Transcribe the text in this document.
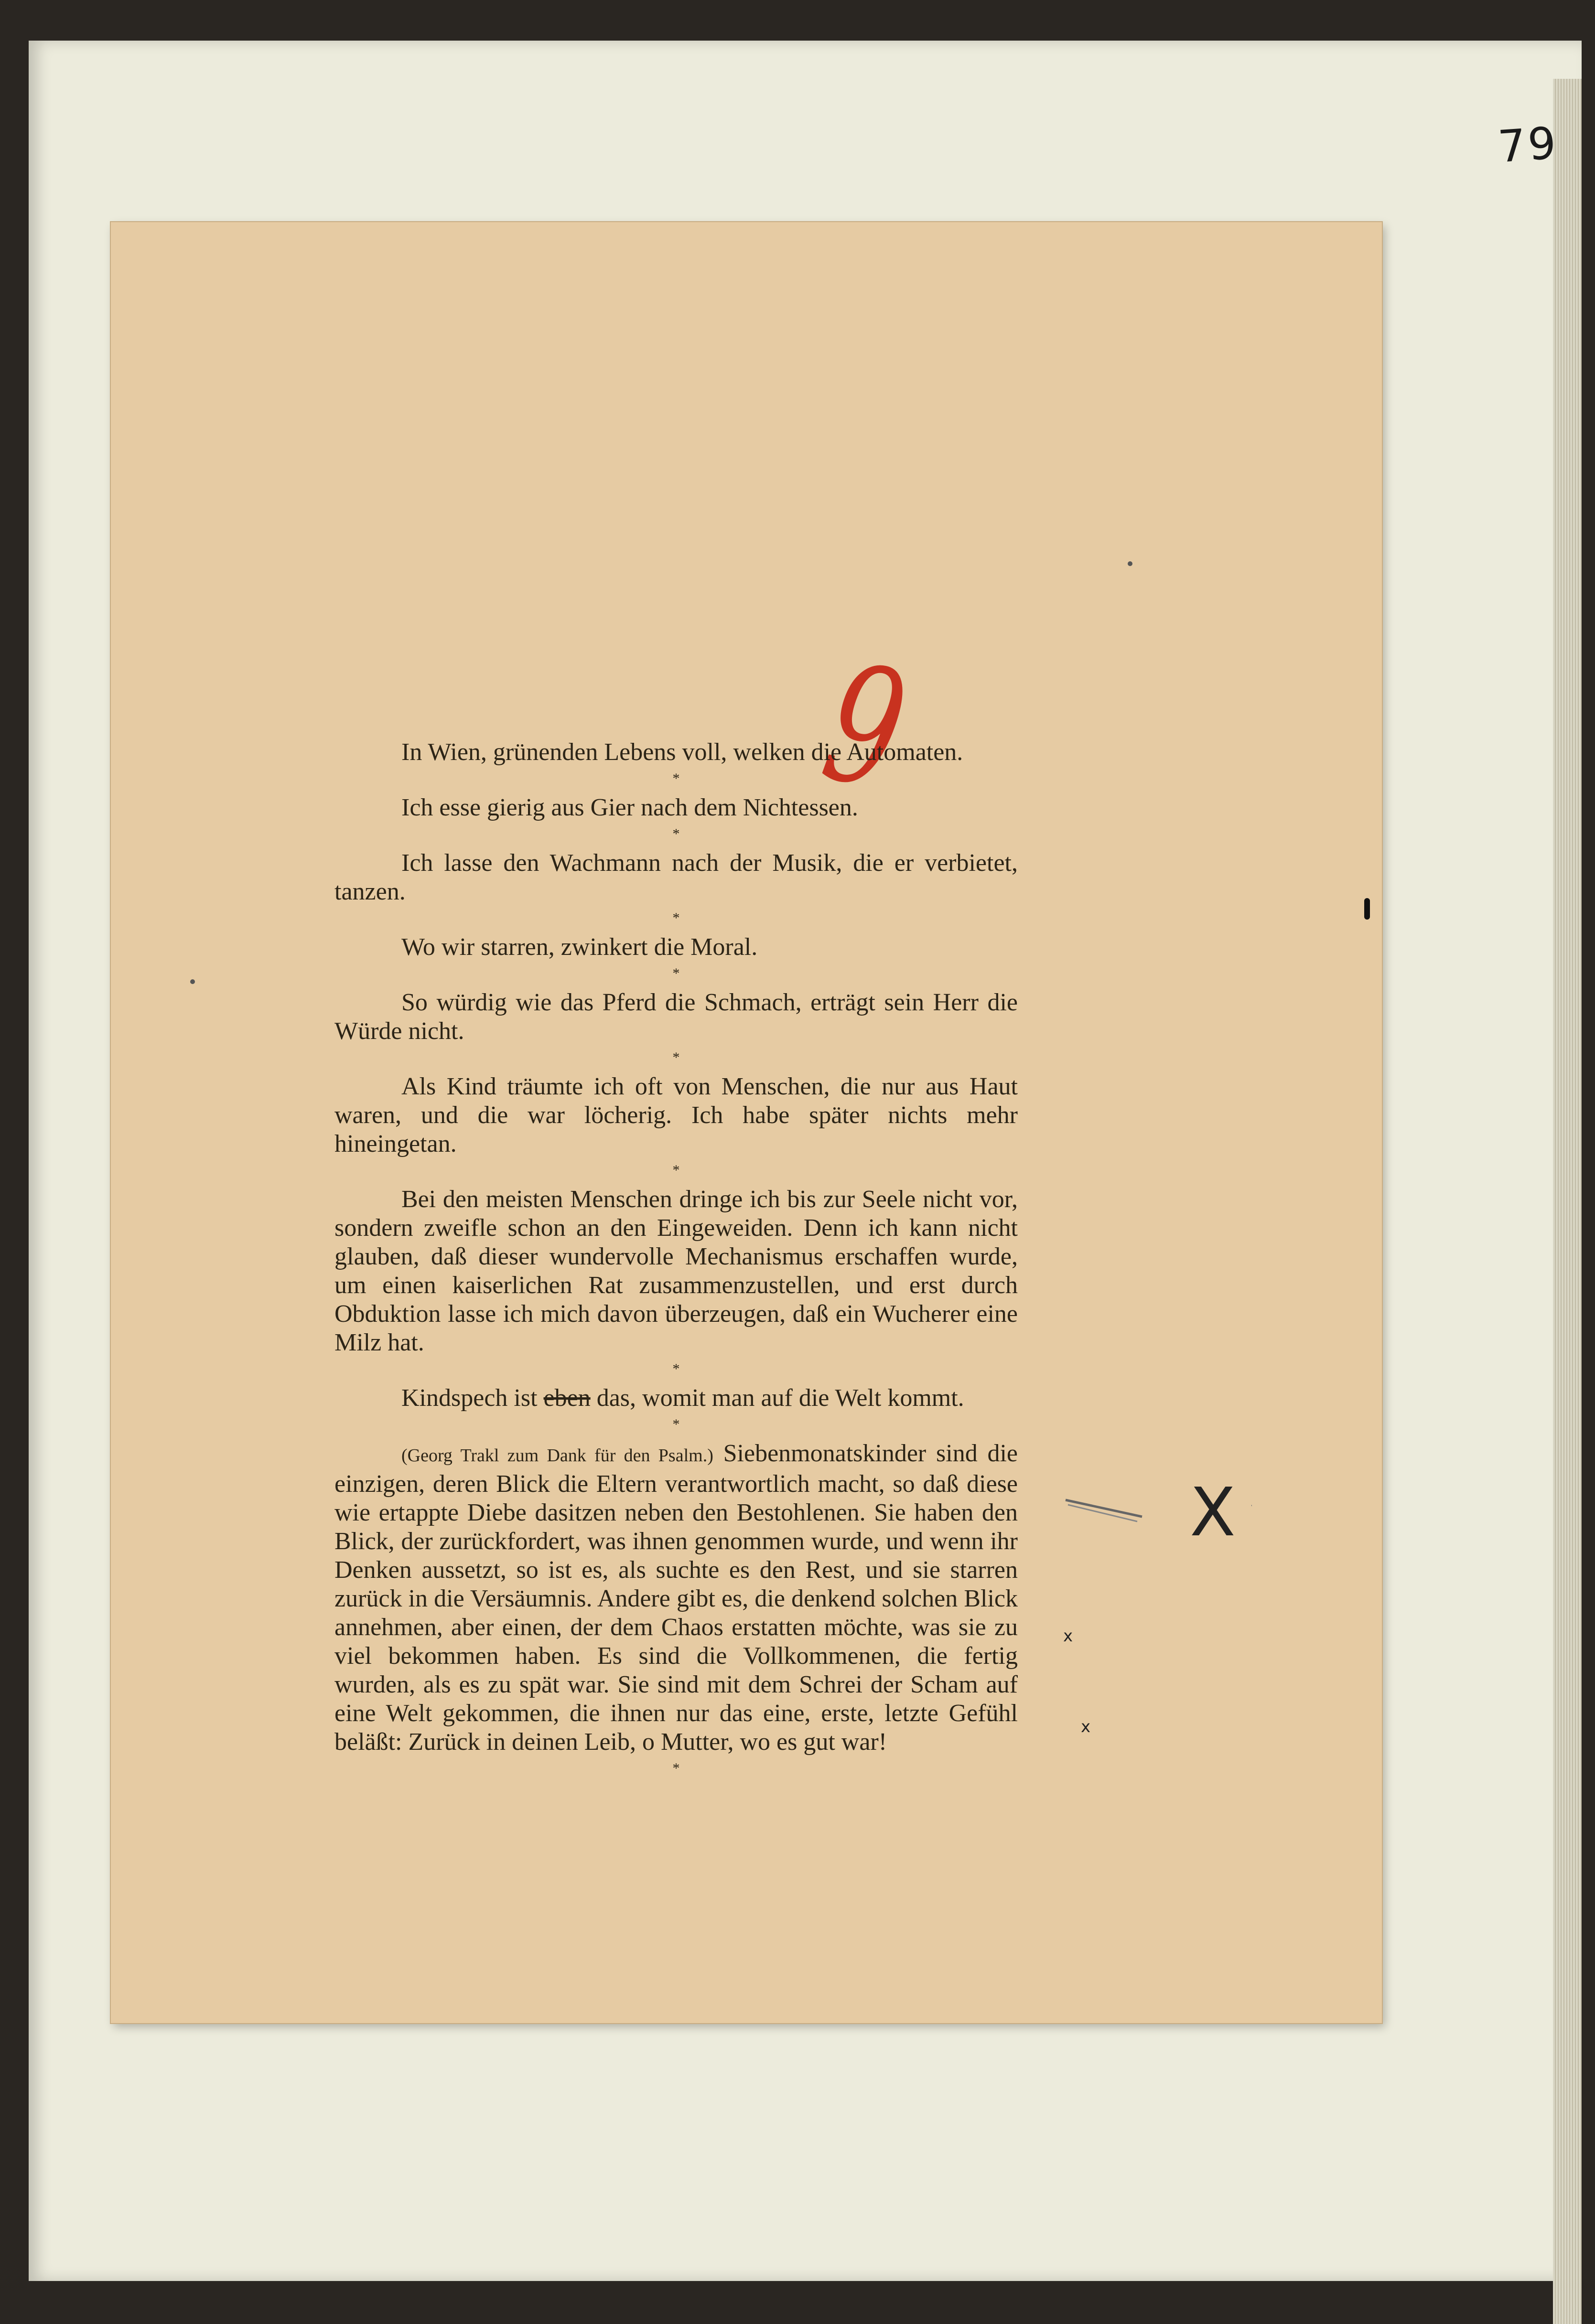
79
9

In Wien, grünenden Lebens voll, welken die Automaten.

*

Ich esse gierig aus Gier nach dem Nichtessen.

*

Ich lasse den Wachmann nach der Musik, die er verbietet, tanzen.

*

Wo wir starren, zwinkert die Moral.

*

So würdig wie das Pferd die Schmach, erträgt sein Herr die Würde nicht.

*

Als Kind träumte ich oft von Menschen, die nur aus Haut waren, und die war löcherig. Ich habe später nichts mehr hineingetan.

*

Bei den meisten Menschen dringe ich bis zur Seele nicht vor, sondern zweifle schon an den Eingeweiden. Denn ich kann nicht glauben, daß dieser wundervolle Mechanismus erschaffen wurde, um einen kaiserlichen Rat zusammenzustellen, und erst durch Obduktion lasse ich mich davon überzeugen, daß ein Wucherer eine Milz hat.

*

Kindspech ist eben das, womit man auf die Welt kommt.

*

(Georg Trakl zum Dank für den Psalm.) Siebenmonatskinder sind die einzigen, deren Blick die Eltern verantwortlich macht, so daß diese wie ertappte Diebe dasitzen neben den Bestohlenen. Sie haben den Blick, der zurückfordert, was ihnen genommen wurde, und wenn ihr Denken aussetzt, so ist es, als suchte es den Rest, und sie starren zurück in die Versäumnis. Andere gibt es, die denkend solchen Blick annehmen, aber einen, der dem Chaos erstatten möchte, was sie zu viel bekommen haben. Es sind die Vollkommenen, die fertig wurden, als es zu spät war. Sie sind mit dem Schrei der Scham auf eine Welt gekommen, die ihnen nur das eine, erste, letzte Gefühl beläßt: Zurück in deinen Leib, o Mutter, wo es gut war!

*
X
x
x
